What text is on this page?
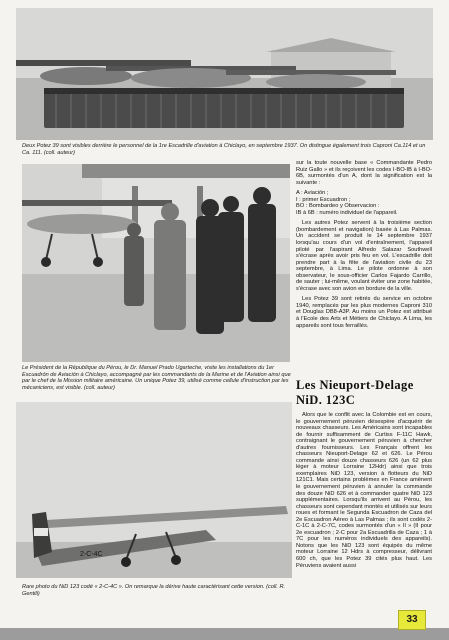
Deux Potez 39 sont visibles derrière le personnel de la 1re Escadrille d'aviation à Chiclayo, en septembre 1937. On distingue également trois Caproni Ca.114 et un Ca. 111. (coll. auteur)
Le Président de la République du Pérou, le Dr. Manuel Prado Ugarteche, visite les installations du 1er Escuadrón de Aviación à Chiclayo, accompagné par les commandants de la Marine et de l'Aviation ainsi que par le chef de la Mission militaire américaine. Un unique Potez 39, utilisé comme cellule d'instruction par les mécaniciens, est visible. (coll. auteur)
2-C-4C
Rare photo du NiD 123 codé « 2-C-4C ». On remarque la dérive haute caractérisant cette version. (coll. R. Gentili)

sur la toute nouvelle base « Commandante Pedro Ruiz Gallo » et ils reçoivent les codes I-BO-IB à I-BO-6B, surmontés d'un A, dont la signification est la suivante :

A : Aviación ;
I : primer Escuadron ;
BO : Bombardeo y Observacion :
IB à 6B : numéro individuel de l'appareil.

Les autres Potez servent à la troisième section (bombardement et navigation) basée à Las Palmas. Un accident se produit le 14 septembre 1937 lorsqu'au cours d'un vol d'entraînement, l'appareil piloté par l'aspirant Alfredo Salazar Southwell s'écrase après avoir pris feu en vol. L'escadrille doit prendre part à la fête de l'aviation civile du 23 septembre, à Lima. Le pilote ordonne à son observateur, le sous-officier Carlos Fajardo Carrillo, de sauter ; lui-même, voulant éviter une zone habitée, s'écrase avec son avion en bordure de la ville.

Les Potez 39 sont retirés du service en octobre 1940, remplacés par les plus modernes Caproni 310 et Douglas DB8-A3P. Au moins un Potez est attribué à l'Ecole des Arts et Métiers de Chiclayo. A Lima, les appareils sont tous ferraillés.

Les Nieuport-Delage
NiD. 123C

Alors que le conflit avec la Colombie est en cours, le gouvernement péruvien désespère d'acquérir de nouveaux chasseurs. Les Américains sont incapables de fournir suffisamment de Curtiss F-11C Hawk, contraignant le gouvernement péruvien à chercher d'autres fournisseurs. Les Français offrent les chasseurs Nieuport-Delage 62 et 626. Le Pérou commande ainsi douze chasseurs 626 (un 62 plus léger à moteur Lorraine 12Hdr) ainsi que trois exemplaires NiD 123, version à flotteurs du NiD 121C1. Mais certains problèmes en France amènent le gouvernement péruvien à annuler la commande des douze NiD 626 et à commander quatre NiD 123 supplémentaires. Lorsqu'ils arrivent au Pérou, les chasseurs sont cependant montés et utilisés sur leurs roues et formant le Segunda Escuadron de Caza del 2e Escuadron Aéreo à Las Palmas ; ils sont codés 2-C-1C à 2-C-7C, codes surmontés d'un « II » (II pour 2e escuadron ; 2-C pour 2a Escuadrilla de Caza ; 1 à 7C pour les numéros individuels des appareils). Notons que les NiD 123 sont équipés du même moteur Lorraine 12 Hdrs à compresseur, délivrant 600 ch, que les Potez 39 cités plus haut. Les Péruviens avaient aussi

33
